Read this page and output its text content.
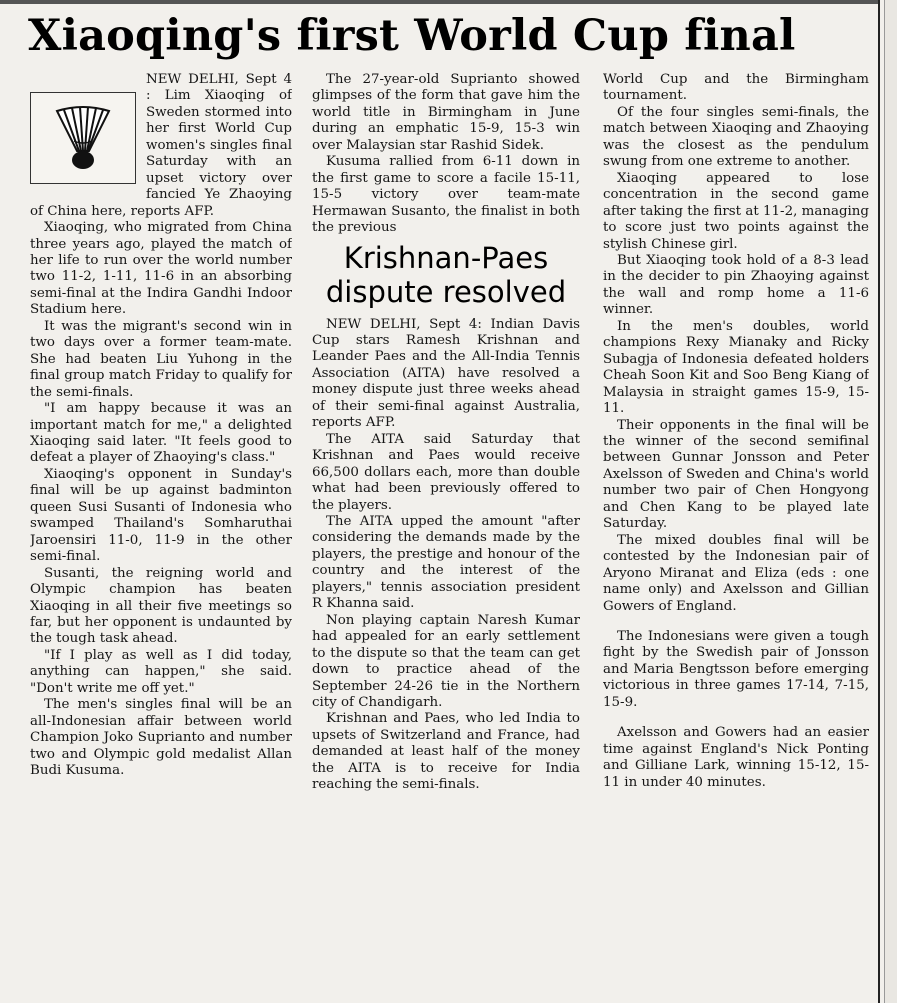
Xiaoqing's first World Cup final

NEW DELHI, Sept 4 : Lim Xiaoqing of Sweden stormed into her first World Cup women's singles final Saturday with an upset victory over fancied Ye Zhaoying of China here, reports AFP.

Xiaoqing, who migrated from China three years ago, played the match of her life to run over the world number two 11-2, 1-11, 11-6 in an absorbing semi-final at the Indira Gandhi Indoor Stadium here.

It was the migrant's second win in two days over a former team-mate. She had beaten Liu Yuhong in the final group match Friday to qualify for the semi-finals.

"I am happy because it was an important match for me," a delighted Xiaoqing said later. "It feels good to defeat a player of Zhaoying's class."

Xiaoqing's opponent in Sunday's final will be up against badminton queen Susi Susanti of Indonesia who swamped Thailand's Somharuthai Jaroensiri 11-0, 11-9 in the other semi-final.

Susanti, the reigning world and Olympic champion has beaten Xiaoqing in all their five meetings so far, but her opponent is undaunted by the tough task ahead.

"If I play as well as I did today, anything can happen," she said. "Don't write me off yet."

The men's singles final will be an all-Indonesian affair between world Champion Joko Suprianto and number two and Olympic gold medalist Allan Budi Kusuma.

The 27-year-old Suprianto showed glimpses of the form that gave him the world title in Birmingham in June during an emphatic 15-9, 15-3 win over Malaysian star Rashid Sidek.

Kusuma rallied from 6-11 down in the first game to score a facile 15-11, 15-5 victory over team-mate Hermawan Susanto, the finalist in both the previous

Krishnan-Paes dispute resolved

NEW DELHI, Sept 4: Indian Davis Cup stars Ramesh Krishnan and Leander Paes and the All-India Tennis Association (AITA) have resolved a money dispute just three weeks ahead of their semi-final against Australia, reports AFP.

The AITA said Saturday that Krishnan and Paes would receive 66,500 dollars each, more than double what had been previously offered to the players.

The AITA upped the amount "after considering the demands made by the players, the prestige and honour of the country and the interest of the players," tennis association president R Khanna said.

Non playing captain Naresh Kumar had appealed for an early settlement to the dispute so that the team can get down to practice ahead of the September 24-26 tie in the Northern city of Chandigarh.

Krishnan and Paes, who led India to upsets of Switzerland and France, had demanded at least half of the money the AITA is to receive for India reaching the semi-finals.

World Cup and the Birmingham tournament.

Of the four singles semi-finals, the match between Xiaoqing and Zhaoying was the closest as the pendulum swung from one extreme to another.

Xiaoqing appeared to lose concentration in the second game after taking the first at 11-2, managing to score just two points against the stylish Chinese girl.

But Xiaoqing took hold of a 8-3 lead in the decider to pin Zhaoying against the wall and romp home a 11-6 winner.

In the men's doubles, world champions Rexy Mianaky and Ricky Subagja of Indonesia defeated holders Cheah Soon Kit and Soo Beng Kiang of Malaysia in straight games 15-9, 15-11.

Their opponents in the final will be the winner of the second semifinal between Gunnar Jonsson and Peter Axelsson of Sweden and China's world number two pair of Chen Hongyong and Chen Kang to be played late Saturday.

The mixed doubles final will be contested by the Indonesian pair of Aryono Miranat and Eliza (eds : one name only) and Axelsson and Gillian Gowers of England.

The Indonesians were given a tough fight by the Swedish pair of Jonsson and Maria Bengtsson before emerging victorious in three games 17-14, 7-15, 15-9.

Axelsson and Gowers had an easier time against England's Nick Ponting and Gilliane Lark, winning 15-12, 15-11 in under 40 minutes.
